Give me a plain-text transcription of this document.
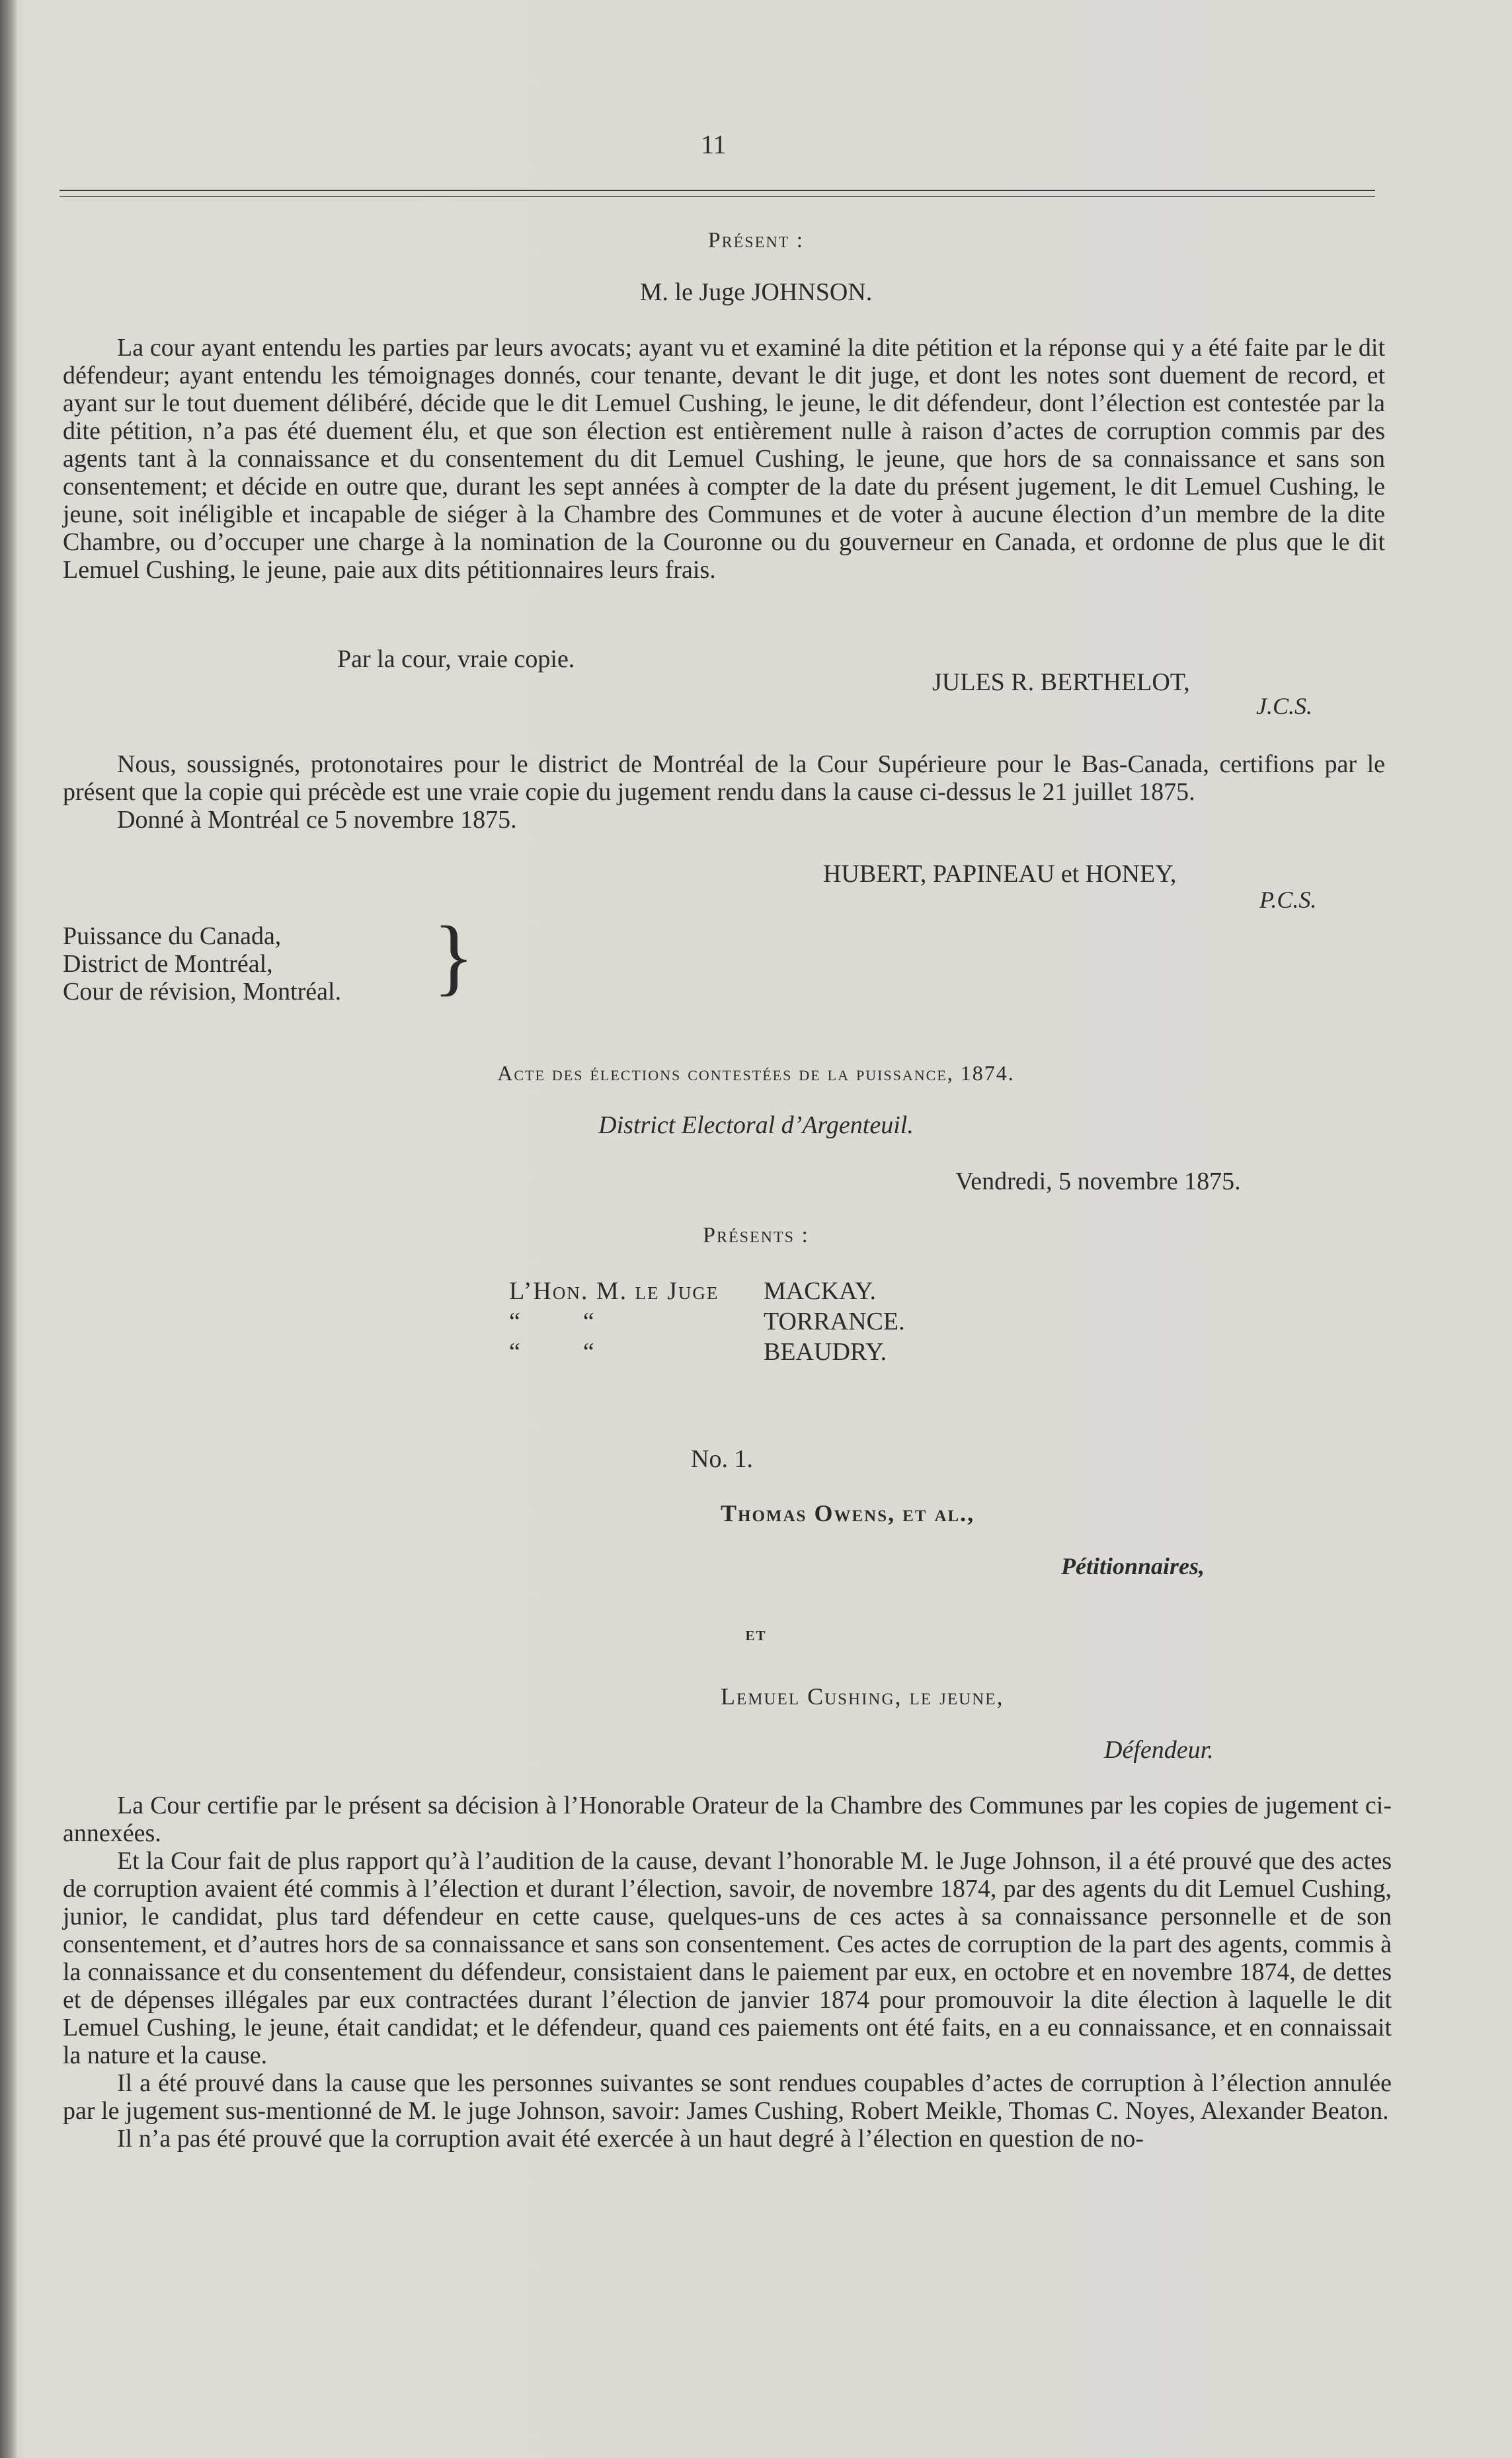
11
Présent :
M. le Juge JOHNSON.

La cour ayant entendu les parties par leurs avocats; ayant vu et examiné la dite pétition et la réponse qui y a été faite par le dit défendeur; ayant entendu les témoignages donnés, cour tenante, devant le dit juge, et dont les notes sont duement de record, et ayant sur le tout duement délibéré, décide que le dit Lemuel Cushing, le jeune, le dit défendeur, dont l’élection est contestée par la dite pétition, n’a pas été duement élu, et que son élection est entièrement nulle à raison d’actes de corruption commis par des agents tant à la connaissance et du consentement du dit Lemuel Cushing, le jeune, que hors de sa connaissance et sans son consentement; et décide en outre que, durant les sept années à compter de la date du présent jugement, le dit Lemuel Cushing, le jeune, soit inéligible et incapable de siéger à la Chambre des Communes et de voter à aucune élection d’un membre de la dite Chambre, ou d’occuper une charge à la nomination de la Couronne ou du gouverneur en Canada, et ordonne de plus que le dit Lemuel Cushing, le jeune, paie aux dits pétitionnaires leurs frais.

Par la cour, vraie copie.
JULES R. BERTHELOT,
J.C.S.

Nous, soussignés, protonotaires pour le district de Montréal de la Cour Supérieure pour le Bas-Canada, certifions par le présent que la copie qui précède est une vraie copie du jugement rendu dans la cause ci-dessus le 21 juillet 1875.

Donné à Montréal ce 5 novembre 1875.

HUBERT, PAPINEAU et HONEY,
P.C.S.
Puissance du Canada,
District de Montréal,
Cour de révision, Montréal. }
Acte des élections contestées de la puissance, 1874.
District Electoral d’Argenteuil.
Vendredi, 5 novembre 1875.
Présents :
L’Hon. M. le Juge MACKAY.
“          “	TORRANCE.
“          “	BEAUDRY.
No. 1.
Thomas Owens, et al.,
Pétitionnaires,
et
Lemuel Cushing, le jeune,
Défendeur.

La Cour certifie par le présent sa décision à l’Honorable Orateur de la Chambre des Communes par les copies de jugement ci-annexées.

Et la Cour fait de plus rapport qu’à l’audition de la cause, devant l’honorable M. le Juge Johnson, il a été prouvé que des actes de corruption avaient été commis à l’élection et durant l’élection, savoir, de novembre 1874, par des agents du dit Lemuel Cushing, junior, le candidat, plus tard défendeur en cette cause, quelques-uns de ces actes à sa connaissance personnelle et de son consentement, et d’autres hors de sa connaissance et sans son consentement. Ces actes de corruption de la part des agents, commis à la connaissance et du consentement du défendeur, consistaient dans le paiement par eux, en octobre et en novembre 1874, de dettes et de dépenses illégales par eux contractées durant l’élection de janvier 1874 pour promouvoir la dite élection à laquelle le dit Lemuel Cushing, le jeune, était candidat; et le défendeur, quand ces paiements ont été faits, en a eu connaissance, et en connaissait la nature et la cause.

Il a été prouvé dans la cause que les personnes suivantes se sont rendues coupables d’actes de corruption à l’élection annulée par le jugement sus-mentionné de M. le juge Johnson, savoir: James Cushing, Robert Meikle, Thomas C. Noyes, Alexander Beaton.

Il n’a pas été prouvé que la corruption avait été exercée à un haut degré à l’élection en question de no-
